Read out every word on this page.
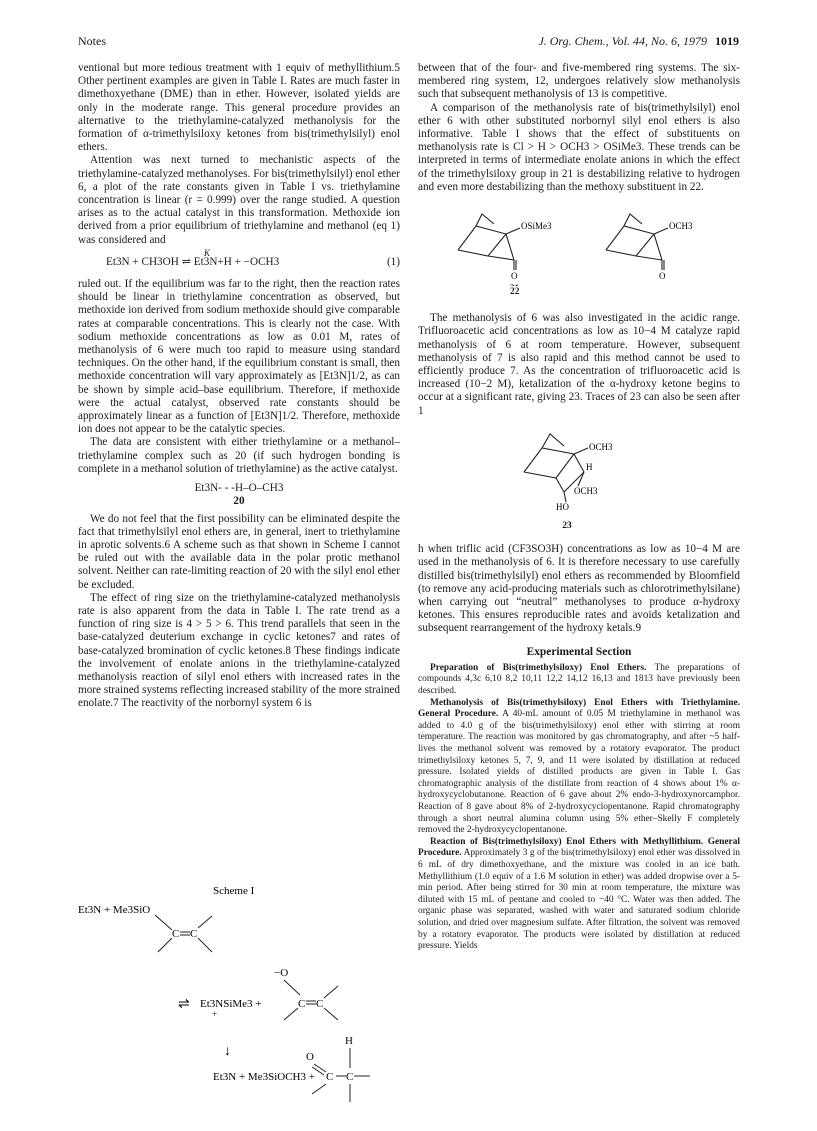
Notes	J. Org. Chem., Vol. 44, No. 6, 1979 1019

ventional but more tedious treatment with 1 equiv of methyllithium.5 Other pertinent examples are given in Table I. Rates are much faster in dimethoxyethane (DME) than in ether. However, isolated yields are only in the moderate range. This general procedure provides an alternative to the triethylamine-catalyzed methanolysis for the formation of α-trimethylsiloxy ketones from bis(trimethylsilyl) enol ethers.

Attention was next turned to mechanistic aspects of the triethylamine-catalyzed methanolyses. For bis(trimethylsilyl) enol ether 6, a plot of the rate constants given in Table I vs. triethylamine concentration is linear (r = 0.999) over the range studied. A question arises as to the actual catalyst in this transformation. Methoxide ion derived from a prior equilibrium of triethylamine and methanol (eq 1) was considered and

K
Et3N + CH3OH ⇌ Et3N+H + −OCH3	(1)

ruled out. If the equilibrium was far to the right, then the reaction rates should be linear in triethylamine concentration as observed, but methoxide ion derived from sodium methoxide should give comparable rates at comparable concentrations. This is clearly not the case. With sodium methoxide concentrations as low as 0.01 M, rates of methanolysis of 6 were much too rapid to measure using standard techniques. On the other hand, if the equilibrium constant is small, then methoxide concentration will vary approximately as [Et3N]1/2, as can be shown by simple acid–base equilibrium. Therefore, if methoxide were the actual catalyst, observed rate constants should be approximately linear as a function of [Et3N]1/2. Therefore, methoxide ion does not appear to be the catalytic species.

The data are consistent with either triethylamine or a methanol–triethylamine complex such as 20 (if such hydrogen bonding is complete in a methanol solution of triethylamine) as the active catalyst.

Et3N- - -H–O–CH3
20

We do not feel that the first possibility can be eliminated despite the fact that trimethylsilyl enol ethers are, in general, inert to triethylamine in aprotic solvents.6 A scheme such as that shown in Scheme I cannot be ruled out with the available data in the polar protic methanol solvent. Neither can rate-limiting reaction of 20 with the silyl enol ether be excluded.

The effect of ring size on the triethylamine-catalyzed methanolysis rate is also apparent from the data in Table I. The rate trend as a function of ring size is 4 > 5 > 6. This trend parallels that seen in the base-catalyzed deuterium exchange in cyclic ketones7 and rates of base-catalyzed bromination of cyclic ketones.8 These findings indicate the involvement of enolate anions in the triethylamine-catalyzed methanolysis reaction of silyl enol ethers with increased rates in the more strained systems reflecting increased stability of the more strained enolate.7 The reactivity of the norbornyl system 6 is

Scheme I
Et3N + Me3SiO
C C
−O
⇌ Et3NSiMe3 +
+
C C
↓
H
O
Et3N + Me3SiOCH3 + C C

between that of the four- and five-membered ring systems. The six-membered ring system, 12, undergoes relatively slow methanolysis such that subsequent methanolysis of 13 is competitive.

A comparison of the methanolysis rate of bis(trimethylsilyl) enol ether 6 with other substituted norbornyl silyl enol ethers is also informative. Table I shows that the effect of substituents on methanolysis rate is Cl > H > OCH3 > OSiMe3. These trends can be interpreted in terms of intermediate enolate anions in which the effect of the trimethylsiloxy group in 21 is destabilizing relative to hydrogen and even more destabilizing than the methoxy substituent in 22.

OSiMe3
O
OCH3
O
22

The methanolysis of 6 was also investigated in the acidic range. Trifluoroacetic acid concentrations as low as 10−4 M catalyze rapid methanolysis of 6 at room temperature. However, subsequent methanolysis of 7 is also rapid and this method cannot be used to efficiently produce 7. As the concentration of trifluoroacetic acid is increased (10−2 M), ketalization of the α-hydroxy ketone begins to occur at a significant rate, giving 23. Traces of 23 can also be seen after 1

OCH3
H
OCH3
HO
23

h when triflic acid (CF3SO3H) concentrations as low as 10−4 M are used in the methanolysis of 6. It is therefore necessary to use carefully distilled bis(trimethylsilyl) enol ethers as recommended by Bloomfield (to remove any acid-producing materials such as chlorotrimethylsilane) when carrying out “neutral” methanolyses to produce α-hydroxy ketones. This ensures reproducible rates and avoids ketalization and subsequent rearrangement of the hydroxy ketals.9

Experimental Section

Preparation of Bis(trimethylsiloxy) Enol Ethers. The preparations of compounds 4,3c 6,10 8,2 10,11 12,2 14,12 16,13 and 1813 have previously been described.

Methanolysis of Bis(trimethylsiloxy) Enol Ethers with Triethylamine. General Procedure. A 40-mL amount of 0.05 M triethylamine in methanol was added to 4.0 g of the bis(trimethylsiloxy) enol ether with stirring at room temperature. The reaction was monitored by gas chromatography, and after ~5 half-lives the methanol solvent was removed by a rotatory evaporator. The product trimethylsiloxy ketones 5, 7, 9, and 11 were isolated by distillation at reduced pressure. Isolated yields of distilled products are given in Table I. Gas chromatographic analysis of the distillate from reaction of 4 shows about 1% α-hydroxycyclobutanone. Reaction of 6 gave about 2% endo-3-hydroxynorcamphor. Reaction of 8 gave about 8% of 2-hydroxycyclopentanone. Rapid chromatography through a short neutral alumina column using 5% ether–Skelly F completely removed the 2-hydroxycyclopentanone.

Reaction of Bis(trimethylsiloxy) Enol Ethers with Methyllithium. General Procedure. Approximately 3 g of the bis(trimethylsiloxy) enol ether was dissolved in 6 mL of dry dimethoxyethane, and the mixture was cooled in an ice bath. Methyllithium (1.0 equiv of a 1.6 M solution in ether) was added dropwise over a 5-min period. After being stirred for 30 min at room temperature, the mixture was diluted with 15 mL of pentane and cooled to −40 °C. Water was then added. The organic phase was separated, washed with water and saturated sodium chloride solution, and dried over magnesium sulfate. After filtration, the solvent was removed by a rotatory evaporator. The products were isolated by distillation at reduced pressure. Yields
